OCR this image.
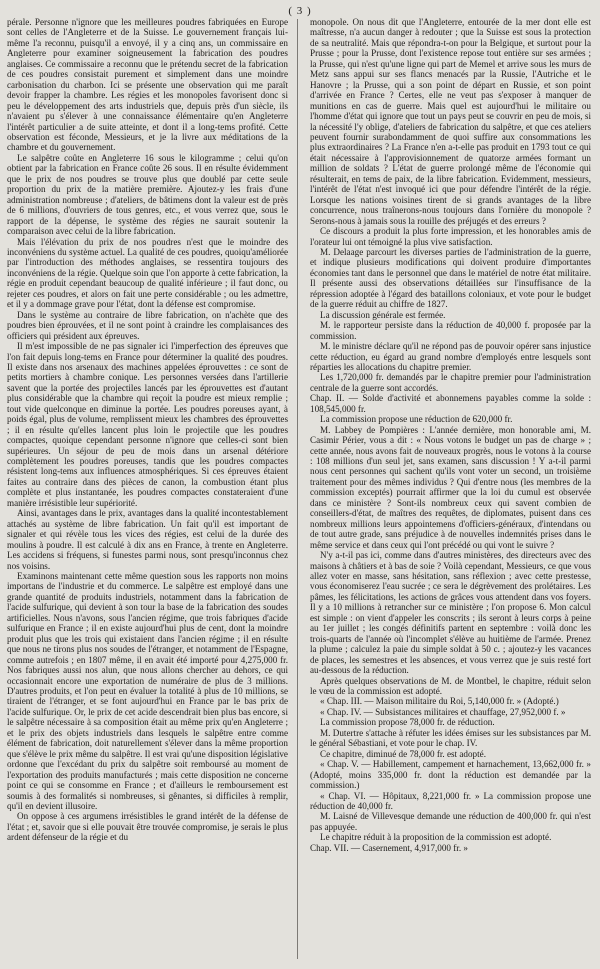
( 3 )

pérale. Personne n'ignore que les meilleures poudres fabriquées en Europe sont celles de l'Angleterre et de la Suisse. Le gouvernement français lui-même l'a reconnu, puisqu'il a envoyé, il y a cinq ans, un commissaire en Angleterre pour examiner soigneusement la fabrication des poudres anglaises. Ce commissaire a reconnu que le prétendu secret de la fabrication de ces poudres consistait purement et simplement dans une moindre carbonisation du charbon. Ici se présente une observation qui me paraît devoir frapper la chambre. Les régies et les monopoles favorisent donc si peu le développement des arts industriels que, depuis près d'un siècle, ils n'avaient pu s'élever à une connaissance élémentaire qu'en Angleterre l'intérêt particulier a de suite atteinte, et dont il a long-tems profité. Cette observation est féconde, Messieurs, et je la livre aux méditations de la chambre et du gouvernement.

Le salpêtre coûte en Angleterre 16 sous le kilogramme ; celui qu'on obtient par la fabrication en France coûte 26 sous. Il en résulte évidemment que le prix de nos poudres se trouve plus que doublé par cette seule proportion du prix de la matière première. Ajoutez-y les frais d'une administration nombreuse ; d'ateliers, de bâtimens dont la valeur est de près de 6 millions, d'ouvriers de tous genres, etc., et vous verrez que, sous le rapport de la dépense, le système des régies ne saurait soutenir la comparaison avec celui de la libre fabrication.

Mais l'élévation du prix de nos poudres n'est que le moindre des inconvéniens du système actuel. La qualité de ces poudres, quoiqu'améliorée par l'introduction des méthodes anglaises, se ressentira toujours des inconvéniens de la régie. Quelque soin que l'on apporte à cette fabrication, la régie en produit cependant beaucoup de qualité inférieure ; il faut donc, ou rejeter ces poudres, et alors on fait une perte considérable ; ou les admettre, et il y a dommage grave pour l'état, dont la défense est compromise.

Dans le système au contraire de libre fabrication, on n'achète que des poudres bien éprouvées, et il ne sont point à craindre les complaisances des officiers qui président aux épreuves.

Il m'est impossible de ne pas signaler ici l'imperfection des épreuves que l'on fait depuis long-tems en France pour déterminer la qualité des poudres. Il existe dans nos arsenaux des machines appelées éprouvettes : ce sont de petits mortiers à chambre conique. Les personnes versées dans l'artillerie savent que la portée des projectiles lancés par les éprouvettes est d'autant plus considérable que la chambre qui reçoit la poudre est mieux remplie ; tout vide quelconque en diminue la portée. Les poudres poreuses ayant, à poids égal, plus de volume, remplissent mieux les chambres des éprouvettes ; il en résulte qu'elles lancent plus loin le projectile que les poudres compactes, quoique cependant personne n'ignore que celles-ci sont bien supérieures. Un séjour de peu de mois dans un arsenal détériore complètement les poudres poreuses, tandis que les poudres compactes résistent long-tems aux influences atmosphériques. Si ces épreuves étaient faites au contraire dans des pièces de canon, la combustion étant plus complète et plus instantanée, les poudres compactes constateraient d'une manière irrésistible leur supériorité.

Ainsi, avantages dans le prix, avantages dans la qualité incontestablement attachés au système de libre fabrication. Un fait qu'il est important de signaler et qui révèle tous les vices des régies, est celui de la durée des moulins à poudre. Il est calculé à dix ans en France, à trente en Angleterre. Les accidens si fréquens, si funestes parmi nous, sont presqu'inconnus chez nos voisins.

Examinons maintenant cette même question sous les rapports non moins importans de l'industrie et du commerce. Le salpêtre est employé dans une grande quantité de produits industriels, notamment dans la fabrication de l'acide sulfurique, qui devient à son tour la base de la fabrication des soudes artificielles. Nous n'avons, sous l'ancien régime, que trois fabriques d'acide sulfurique en France ; il en existe aujourd'hui plus de cent, dont la moindre produit plus que les trois qui existaient dans l'ancien régime ; il en résulte que nous ne tirons plus nos soudes de l'étranger, et notamment de l'Espagne, comme autrefois ; en 1807 même, il en avait été importé pour 4,275,000 fr. Nos fabriques aussi nos alun, que nous allons chercher au dehors, ce qui occasionnait encore une exportation de numéraire de plus de 3 millions. D'autres produits, et l'on peut en évaluer la totalité à plus de 10 millions, se tiraient de l'étranger, et se font aujourd'hui en France par le bas prix de l'acide sulfurique. Or, le prix de cet acide descendrait bien plus bas encore, si le salpêtre nécessaire à sa composition était au même prix qu'en Angleterre ; et le prix des objets industriels dans lesquels le salpêtre entre comme élément de fabrication, doit naturellement s'élever dans la même proportion que s'élève le prix même du salpêtre. Il est vrai qu'une disposition législative ordonne que l'excédant du prix du salpêtre soit remboursé au moment de l'exportation des produits manufacturés ; mais cette disposition ne concerne point ce qui se consomme en France ; et d'ailleurs le remboursement est soumis à des formalités si nombreuses, si gênantes, si difficiles à remplir, qu'il en devient illusoire.

On oppose à ces argumens irrésistibles le grand intérêt de la défense de l'état ; et, savoir que si elle pouvait être trouvée compromise, je serais le plus ardent défenseur de la régie et du

monopole. On nous dit que l'Angleterre, entourée de la mer dont elle est maîtresse, n'a aucun danger à redouter ; que la Suisse est sous la protection de sa neutralité. Mais que répondra-t-on pour la Belgique, et surtout pour la Prusse ; pour la Prusse, dont l'existence repose tout entière sur ses armées ; la Prusse, qui n'est qu'une ligne qui part de Memel et arrive sous les murs de Metz sans appui sur ses flancs menacés par la Russie, l'Autriche et le Hanovre ; la Prusse, qui a son point de départ en Russie, et son point d'arrivée en France ? Certes, elle ne veut pas s'exposer à manquer de munitions en cas de guerre. Mais quel est aujourd'hui le militaire ou l'homme d'état qui ignore que tout un pays peut se couvrir en peu de mois, si la nécessité l'y oblige, d'ateliers de fabrication du salpêtre, et que ces ateliers peuvent fournir surabondamment de quoi suffire aux consommations les plus extraordinaires ? La France n'en a-t-elle pas produit en 1793 tout ce qui était nécessaire à l'approvisionnement de quatorze armées formant un million de soldats ? L'état de guerre prolongé même de l'économie qui résulterait, en tems de paix, de la libre fabrication. Evidemment, messieurs, l'intérêt de l'état n'est invoqué ici que pour défendre l'intérêt de la régie. Lorsque les nations voisines tirent de si grands avantages de la libre concurrence, nous traînerons-nous toujours dans l'ornière du monopole ? Serons-nous à jamais sous la rouille des préjugés et des erreurs ?

Ce discours a produit la plus forte impression, et les honorables amis de l'orateur lui ont témoigné la plus vive satisfaction.

M. Delaage parcourt les diverses parties de l'administration de la guerre, et indique plusieurs modifications qui doivent produire d'importantes économies tant dans le personnel que dans le matériel de notre état militaire. Il présente aussi des observations détaillées sur l'insuffisance de la répression adoptée à l'égard des bataillons coloniaux, et vote pour le budget de la guerre réduit au chiffre de 1827.

La discussion générale est fermée.

M. le rapporteur persiste dans la réduction de 40,000 f. proposée par la commission.

M. le ministre déclare qu'il ne répond pas de pouvoir opérer sans injustice cette réduction, eu égard au grand nombre d'employés entre lesquels sont réparties les allocations du chapitre premier.

Les 1,720,000 fr. demandés par le chapitre premier pour l'administration centrale de la guerre sont accordés.

Chap. II. — Solde d'activité et abonnemens payables comme la solde : 108,545,000 fr.

La commission propose une réduction de 620,000 fr.

M. Labbey de Pompières : L'année dernière, mon honorable ami, M. Casimir Périer, vous a dit : « Nous votons le budget un pas de charge » ; cette année, nous avons fait de nouveaux progrès, nous le votons à la course : 108 millions d'un seul jet, sans examen, sans discussion ! Y a-t-il parmi nous cent personnes qui sachent qu'ils vont voter un second, un troisième traitement pour des mêmes individus ? Qui d'entre nous (les membres de la commission exceptés) pourrait affirmer que la loi du cumul est observée dans ce ministère ? Sont-ils nombreux ceux qui savent combien de conseillers-d'état, de maîtres des requêtes, de diplomates, puisent dans ces nombreux millions leurs appointemens d'officiers-généraux, d'intendans ou de tout autre grade, sans préjudice à de nouvelles indemnités prises dans le même service et dans ceux qui l'ont précédé ou qui vont le suivre ?

N'y a-t-il pas ici, comme dans d'autres ministères, des directeurs avec des maisons à châtiers et à bas de soie ? Voilà cependant, Messieurs, ce que vous allez voter en masse, sans hésitation, sans réflexion ; avec cette prestesse, vous économiserez l'eau sucrée ; ce sera le dégrèvement des prolétaires. Les pâmes, les félicitations, les actions de grâces vous attendent dans vos foyers. Il y a 10 millions à retrancher sur ce ministère ; l'on propose 6. Mon calcul est simple : on vient d'appeler les conscrits ; ils seront à leurs corps à peine au 1er juillet ; les congés définitifs partent en septembre : voilà donc les trois-quarts de l'année où l'incomplet s'élève au huitième de l'armée. Prenez la plume ; calculez la paie du simple soldat à 50 c. ; ajoutez-y les vacances de places, les semestres et les absences, et vous verrez que je suis resté fort au-dessous de la réduction.

Après quelques observations de M. de Montbel, le chapitre, réduit selon le vœu de la commission est adopté.

« Chap. III. — Maison militaire du Roi, 5,140,000 fr. » (Adopté.)

« Chap. IV. — Subsistances militaires et chauffage, 27,952,000 f. »

La commission propose 78,000 fr. de réduction.

M. Dutertre s'attache à réfuter les idées émises sur les subsistances par M. le général Sébastiani, et vote pour le chap. IV.

Ce chapitre, diminué de 78,000 fr. est adopté.

« Chap. V. — Habillement, campement et harnachement, 13,662,000 fr. » (Adopté, moins 335,000 fr. dont la réduction est demandée par la commission.)

« Chap. VI. — Hôpitaux, 8,221,000 fr. » La commission propose une réduction de 40,000 fr.

M. Laisné de Villevesque demande une réduction de 400,000 fr. qui n'est pas appuyée.

Le chapitre réduit à la proposition de la commission est adopté.

Chap. VII. — Casernement, 4,917,000 fr. »
